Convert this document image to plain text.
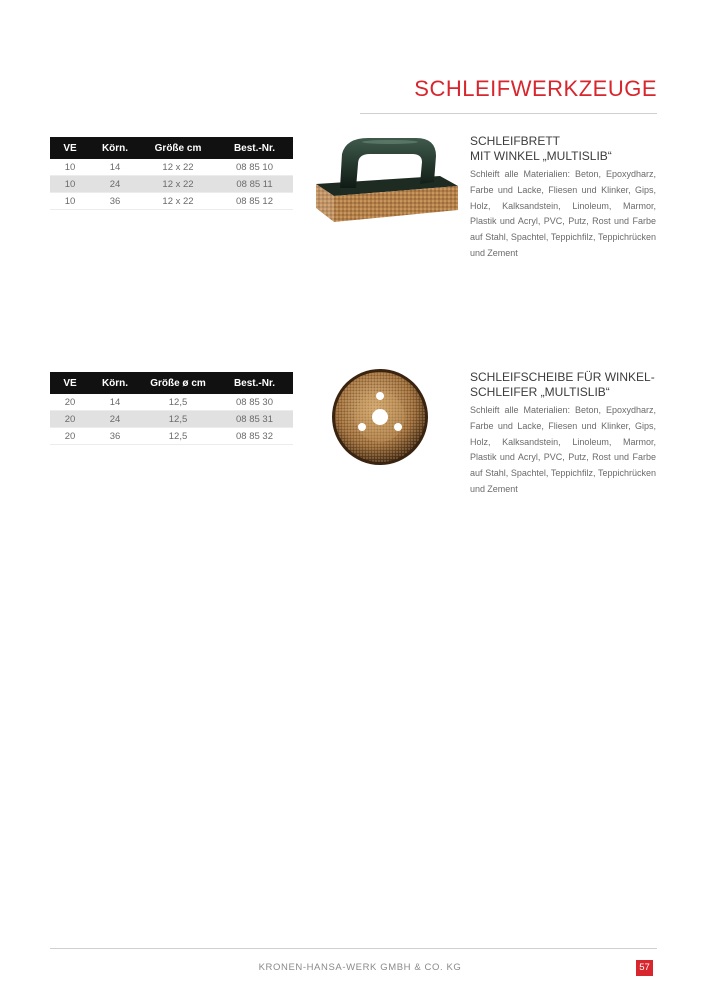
SCHLEIFWERKZEUGE
VE	Körn.	Größe cm	Best.-Nr.
10	14	12 x 22	08 85 10
10	24	12 x 22	08 85 11
10	36	12 x 22	08 85 12
SCHLEIFBRETT
MIT WINKEL „MULTISLIB“

Schleift alle Materialien: Beton, Epoxydharz, Farbe und Lacke, Fliesen und Klinker, Gips, Holz, Kalksandstein, Linoleum, Marmor, Plastik und Acryl, PVC, Putz, Rost und Farbe auf Stahl, Spachtel, Teppichfilz, Teppichrücken und Zement

VE	Körn.	Größe ø cm	Best.-Nr.
20	14	12,5	08 85 30
20	24	12,5	08 85 31
20	36	12,5	08 85 32
SCHLEIFSCHEIBE FÜR WINKEL-
SCHLEIFER „MULTISLIB“

Schleift alle Materialien: Beton, Epoxydharz, Farbe und Lacke, Fliesen und Klinker, Gips, Holz, Kalksandstein, Linoleum, Marmor, Plastik und Acryl, PVC, Putz, Rost und Farbe auf Stahl, Spachtel, Teppichfilz, Teppichrücken und Zement

KRONEN-HANSA-WERK GMBH & CO. KG	57
